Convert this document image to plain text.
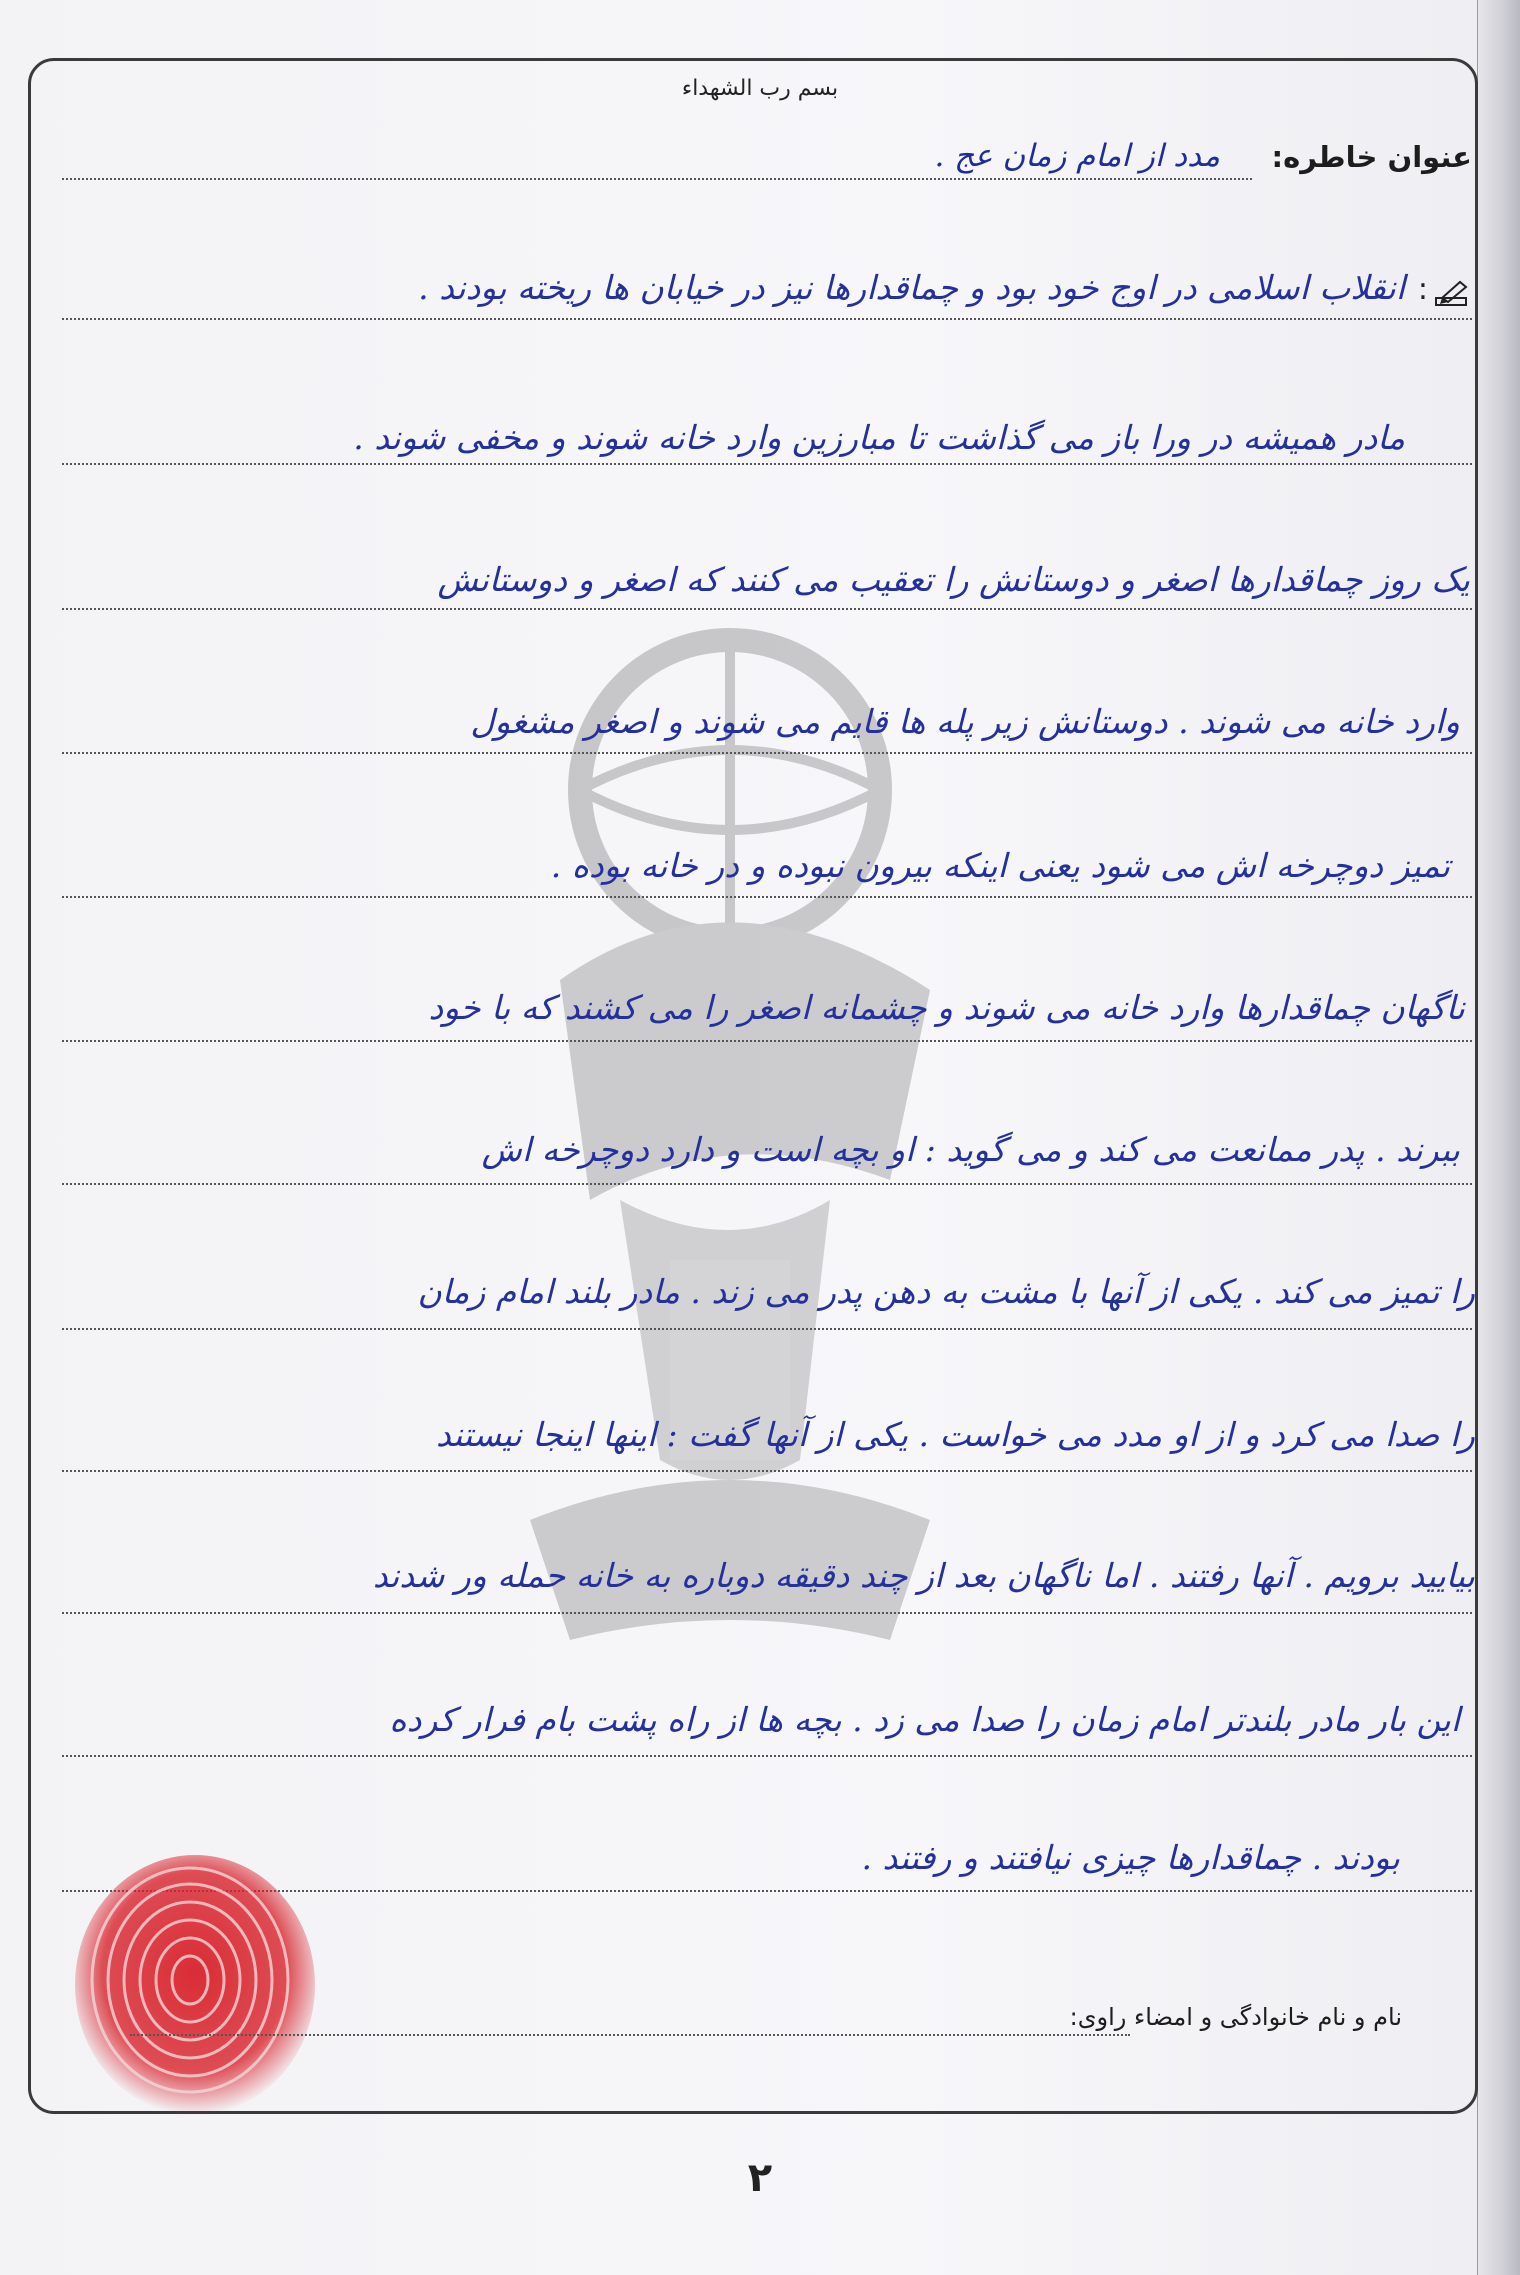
بسم رب الشهداء
عنوان خاطره:
مدد از امام زمان عج .
:
انقلاب اسلامی در اوج خود بود و چماقدارها نیز در خیابان ها ریخته بودند .
مادر همیشه در ورا باز می گذاشت تا مبارزین وارد خانه شوند و مخفی شوند .
یک روز چماقدارها اصغر و دوستانش را تعقیب می کنند که اصغر و دوستانش
وارد خانه می شوند . دوستانش زیر پله ها قایم می شوند و اصغر مشغول
تمیز دوچرخه اش می شود یعنی اینکه بیرون نبوده و در خانه بوده .
ناگهان چماقدارها وارد خانه می شوند و چشمانه اصغر را می کشند که با خود
ببرند . پدر ممانعت می کند و می گوید : او بچه است و دارد دوچرخه اش
را تمیز می کند . یکی از آنها با مشت به دهن پدر می زند . مادر بلند امام زمان
را صدا می کرد و از او مدد می خواست . یکی از آنها گفت : اینها اینجا نیستند
بیایید برویم . آنها رفتند . اما ناگهان بعد از چند دقیقه دوباره به خانه حمله ور شدند
این بار مادر بلندتر امام زمان را صدا می زد . بچه ها از راه پشت بام فرار کرده
بودند . چماقدارها چیزی نیافتند و رفتند .
نام و نام خانوادگی و امضاء راوی:
۲
